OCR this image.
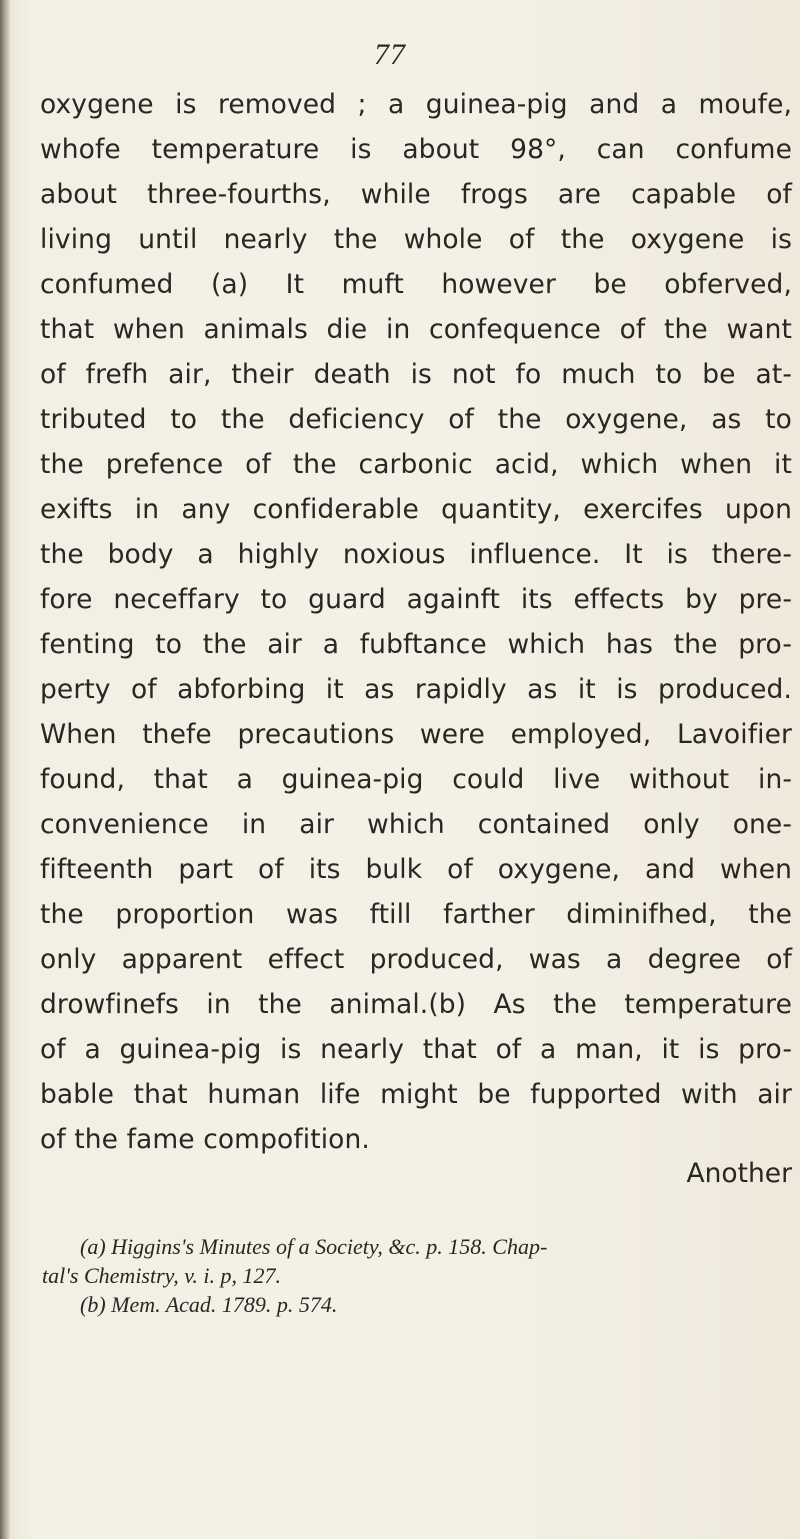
77
oxygene is removed ; a guinea-pig and a moufe,
whofe temperature is about 98°, can confume
about three-fourths, while frogs are capable of
living until nearly the whole of the oxygene is
confumed (a) It muft however be obferved,
that when animals die in confequence of the want
of frefh air, their death is not fo much to be at-
tributed to the deficiency of the oxygene, as to
the prefence of the carbonic acid, which when it
exifts in any confiderable quantity, exercifes upon
the body a highly noxious influence. It is there-
fore neceffary to guard againft its effects by pre-
fenting to the air a fubftance which has the pro-
perty of abforbing it as rapidly as it is produced.
When thefe precautions were employed, Lavoifier
found, that a guinea-pig could live without in-
convenience in air which contained only one-
fifteenth part of its bulk of oxygene, and when
the proportion was ftill farther diminifhed, the
only apparent effect produced, was a degree of
drowfinefs in the animal.(b) As the temperature
of a guinea-pig is nearly that of a man, it is pro-
bable that human life might be fupported with air
of the fame compofition.
Another
(a) Higgins's Minutes of a Society, &c. p. 158. Chap-
tal's Chemistry, v. i. p, 127.
(b) Mem. Acad. 1789. p. 574.
